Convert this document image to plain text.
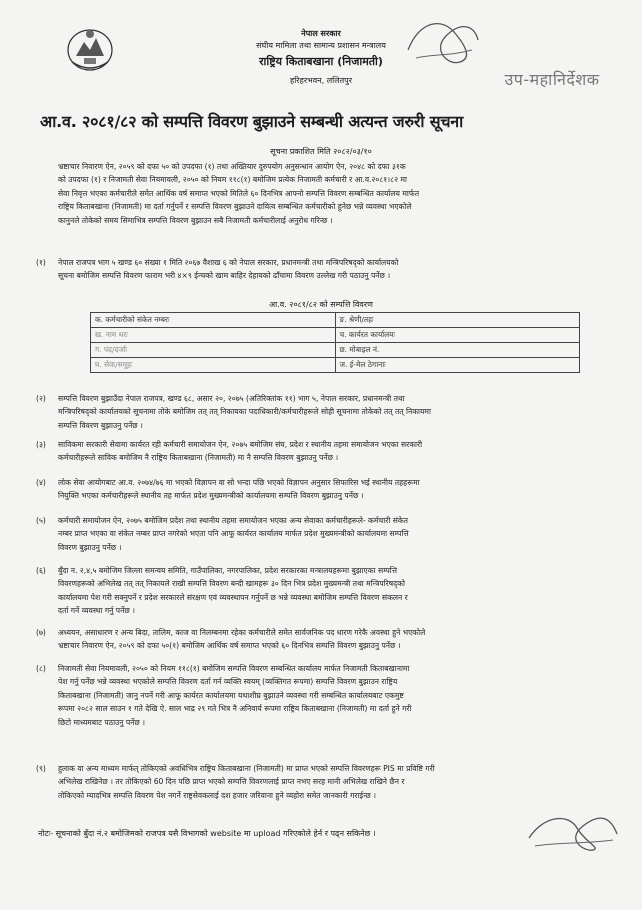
नेपाल सरकार
संघीय मामिला तथा सामान्य प्रशासन मन्त्रालय
राष्ट्रिय किताबखाना (निजामती)
हरिहरभवन, ललितपुर	उप-महानिर्देशक
आ.व. २०८१/८२ को सम्पत्ति विवरण बुझाउने सम्बन्धी अत्यन्त जरुरी सूचना
सूचना प्रकाशित मिति २०८२/०३/१०
भ्रष्टाचार निवारण ऐन, २०५९ को दफा ५० को उपदफा (१) तथा अख्तियार दुरुपयोग अनुसन्धान आयोग ऐन, २०४८ को दफा ३१क
को उपदफा (१) र निजामती सेवा नियमावली, २०५० को नियम ११८(१) बमोजिम प्रत्येक निजामती कर्मचारी र आ.व.२०८१।८२ मा
सेवा निवृत्त भएका कर्मचारीले समेत आर्थिक वर्ष समाप्त भएको मितिले ६० दिनभित्र आफ्नो सम्पत्ति विवरण सम्बन्धित कार्यालय मार्फत
राष्ट्रिय किताबखाना (निजामती) मा दर्ता गर्नुपर्ने र सम्पत्ति विवरण बुझाउने दायित्व सम्बन्धित कर्मचारीको हुनेछ भन्ने व्यवस्था भएकोले
कानुनले तोकेको समय सिमाभित्र सम्पत्ति विवरण बुझाउन सबै निजामती कर्मचारीलाई अनुरोध गरिन्छ ।
(१) नेपाल राजपत्र भाग ५ खण्ड ६० संख्या १ मिति २०६७ वैशाख ६ को नेपाल सरकार, प्रधानमन्त्री तथा मन्त्रिपरिषद्को कार्यालयको
सूचना बमोजिम सम्पत्ति विवरण फाराम भरी ४×९ ईन्चको खाम बाहिर देहायको ढाँचामा विवरण उल्लेख गरी पठाउनु पर्नेछ ।
आ.व. २०८१/८२ को सम्पत्ति विवरण
क. कर्मचारीको संकेत नम्बरः	ङ. श्रेणी/तहः
ख. नाम थरः	च. कार्यरत कार्यालयः
ग. पद/दर्जाः	छ. मोबाइल नं.
घ. सेवा/समूहः	ज. ई-मेल ठेगानाः
(२) सम्पत्ति विवरण बुझाउँदा नेपाल राजपत्र, खण्ड ६८, असार २०, २०७५ (अतिरिक्तांक ११) भाग ५, नेपाल सरकार, प्रधानमन्त्री तथा
मन्त्रिपरिषद्को कार्यालयको सूचनामा तोके बमोजिम तत् तत् निकायका पदाधिकारी/कर्मचारीहरूले सोही सूचनामा तोकेको तत् तत् निकायमा
सम्पत्ति विवरण बुझाउनु पर्नेछ ।
(३) साविकमा सरकारी सेवामा कार्यरत रही कर्मचारी समायोजन ऐन, २०७५ बमोजिम संघ, प्रदेश र स्थानीय तहमा समायोजन भएका सरकारी
कर्मचारीहरूले साविक बमोजिम नै राष्ट्रिय किताबखाना (निजामती) मा नै सम्पत्ति विवरण बुझाउनु पर्नेछ ।
(४) लोक सेवा आयोगबाट आ.व. २०७४/७६ मा भएको विज्ञापन वा सो भन्दा पछि भएको विज्ञापन अनुसार सिफारिस भई स्थानीय तहहरूमा
नियुक्ति भएका कर्मचारीहरूले स्थानीय तह मार्फत प्रदेश मुख्यमन्त्रीको कार्यालयमा सम्पत्ति विवरण बुझाउनु पर्नेछ ।
(५) कर्मचारी समायोजन ऐन, २०७५ बमोजिम प्रदेश तथा स्थानीय तहमा समायोजन भएका अन्य सेवाका कर्मचारीहरूले- कर्मचारी संकेत
नम्बर प्राप्त भएका वा संकेत नम्बर प्राप्त नगरेको भएता पनि आफू कार्यरत कार्यालय मार्फत प्रदेश मुख्यमन्त्रीको कार्यालयमा सम्पत्ति
विवरण बुझाउनु पर्नेछ ।
(६) बुँदा न. २,४,५ बमोजिम जिल्ला समन्वय समिति, गाउँपालिका, नगरपालिका, प्रदेश सरकारका मन्त्रालयहरूमा बुझाएका सम्पत्ति
विवरणहरूको अभिलेख तत् तत् निकायले राखी सम्पत्ति विवरण बन्दी खामहरू ३० दिन भित्र प्रदेश मुख्यमन्त्री तथा मन्त्रिपरिषद्को
कार्यालयमा पेश गरी सक्नुपर्ने र प्रदेश सरकारले संरक्षण एवं व्यवस्थापन गर्नुपर्ने छ भन्ने व्यवस्था बमोजिम सम्पत्ति विवरण संकलन र
दर्ता गर्ने व्यवस्था गर्नु पर्नेछ ।
(७) अध्ययन, असाधारण र अन्य बिदा, तालिम, काज वा निलम्बनमा रहेका कर्मचारीले समेत सार्वजनिक पद धारण गरेकै अवस्था हुने भएकोले
भ्रष्टाचार निवारण ऐन, २०५९ को दफा ५०(१) बमोजिम आर्थिक वर्ष समाप्त भएको ६० दिनभित्र सम्पत्ति विवरण बुझाउनु पर्नेछ ।
(८) निजामती सेवा नियमावली, २०५० को नियम ११८(१) बमोजिम सम्पत्ति विवरण सम्बन्धित कार्यालय मार्फत निजामती किताबखानामा
पेश गर्नु पर्नेछ भन्ने व्यवस्था भएकोले सम्पत्ति विवरण दर्ता गर्न व्यक्ति स्वयम् (व्यक्तिगत रूपमा) सम्पत्ति विवरण बुझाउन राष्ट्रिय
किताबखाना (निजामती) जानु नपर्ने गरी आफू कार्यरत कार्यालयमा यथाशीघ्र बुझाउने व्यवस्था गरी सम्बन्धित कार्यालयबाट एकमुष्ट
रूपमा २०८२ साल साउन १ गते देखि ऐ. साल भाद्र २९ गते भित्र नै अनिवार्य रूपमा राष्ट्रिय किताबखाना (निजामती) मा दर्ता हुने गरी
छिटो माध्यमबाट पठाउनु पर्नेछ ।
(९) हुलाक वा अन्य माध्यम मार्फत् तोकिएको अवधिभित्र राष्ट्रिय किताबखाना (निजामती) मा प्राप्त भएको सम्पत्ति विवरणहरू PIS मा प्रविष्टि गरी
अभिलेख राखिनेछ । तर तोकिएको 60 दिन पछि प्राप्त भएको सम्पत्ति विवरणलाई प्राप्त नभए सरह मानी अभिलेख राखिने छैन र
तोकिएको म्यादभित्र सम्पत्ति विवरण पेश नगर्ने राष्ट्रसेवकलाई दश हजार जरिवाना हुने व्यहोरा समेत जानकारी गराईन्छ ।
नोटः- सूचनाको बुँदा नं.२ बमोजिमको राजपत्र यसै विभागको website मा upload गरिएकोले हेर्न र पढ्न सकिनेछ ।
